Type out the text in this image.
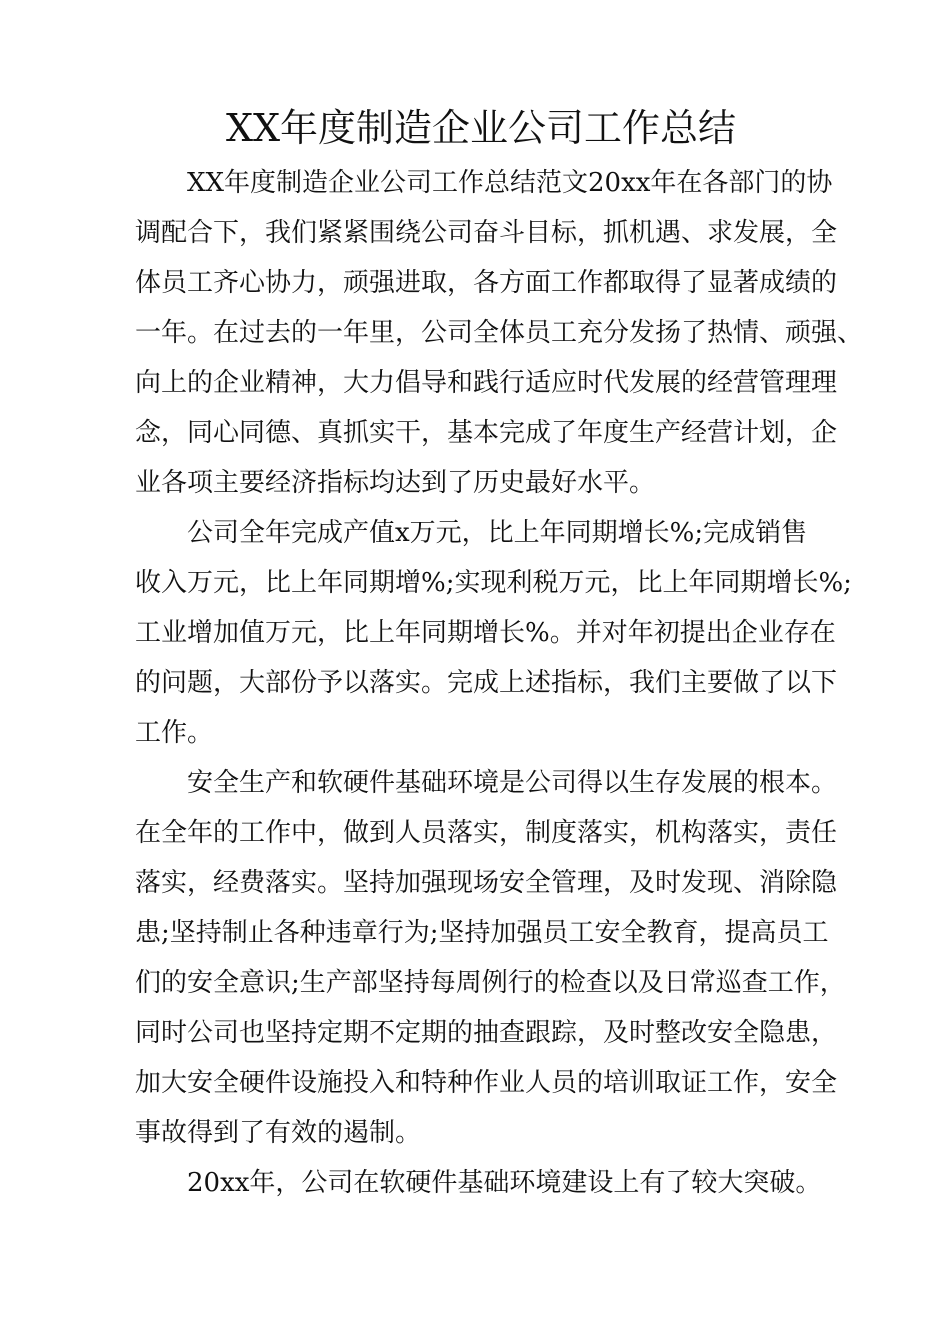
XX年度制造企业公司工作总结
XX年度制造企业公司工作总结范文20xx年在各部门的协
调配合下，我们紧紧围绕公司奋斗目标，抓机遇、求发展，全
体员工齐心协力，顽强进取，各方面工作都取得了显著成绩的
一年。在过去的一年里，公司全体员工充分发扬了热情、顽强、
向上的企业精神，大力倡导和践行适应时代发展的经营管理理
念，同心同德、真抓实干，基本完成了年度生产经营计划，企
业各项主要经济指标均达到了历史最好水平。
公司全年完成产值x万元，比上年同期增长%;完成销售
收入万元，比上年同期增%;实现利税万元，比上年同期增长%;
工业增加值万元，比上年同期增长%。并对年初提出企业存在
的问题，大部份予以落实。完成上述指标，我们主要做了以下
工作。
安全生产和软硬件基础环境是公司得以生存发展的根本。
在全年的工作中，做到人员落实，制度落实，机构落实，责任
落实，经费落实。坚持加强现场安全管理，及时发现、消除隐
患;坚持制止各种违章行为;坚持加强员工安全教育，提高员工
们的安全意识;生产部坚持每周例行的检查以及日常巡查工作，
同时公司也坚持定期不定期的抽查跟踪，及时整改安全隐患，
加大安全硬件设施投入和特种作业人员的培训取证工作，安全
事故得到了有效的遏制。
20xx年，公司在软硬件基础环境建设上有了较大突破。
